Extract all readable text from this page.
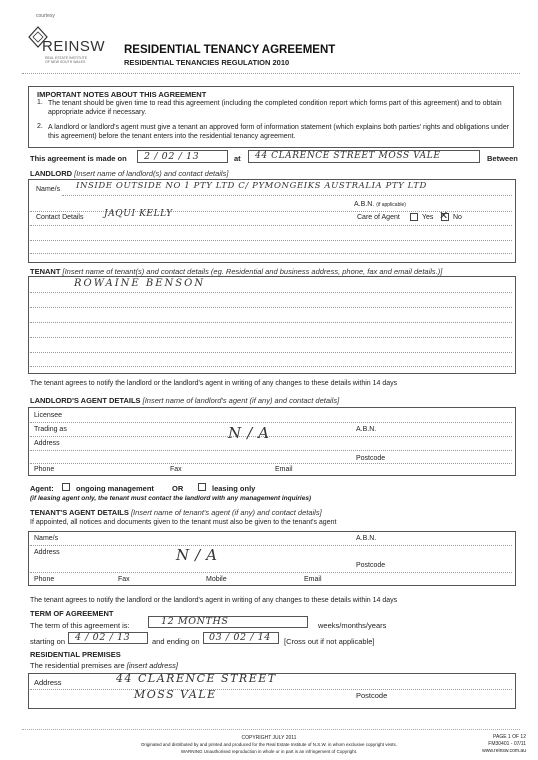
courtesy
REINSW
REAL ESTATE INSTITUTE
OF NEW SOUTH WALES
RESIDENTIAL TENANCY AGREEMENT
RESIDENTIAL TENANCIES REGULATION 2010
IMPORTANT NOTES ABOUT THIS AGREEMENT
1. The tenant should be given time to read this agreement (including the completed condition report which forms part of this agreement) and to obtain appropriate advice if necessary.
2. A landlord or landlord's agent must give a tenant an approved form of information statement (which explains both parties' rights and obligations under this agreement) before the tenant enters into the residential tenancy agreement.
This agreement is made on 2 / 02 / 13	at 44 CLARENCE STREET MOSS VALE	Between
LANDLORD [Insert name of landlord(s) and contact details]
Name/s INSIDE OUTSIDE NO 1 PTY LTD C/ PYMONGEIKS AUSTRALIA PTY LTD
A.B.N. (if applicable)
Contact Details JAQUI KELLY	Care of Agent	Yes ✕ No
TENANT [Insert name of tenant(s) and contact details (eg. Residential and business address, phone, fax and email details.)]
ROWAINE BENSON
The tenant agrees to notify the landlord or the landlord's agent in writing of any changes to these details within 14 days
LANDLORD'S AGENT DETAILS [Insert name of landlord's agent (if any) and contact details]
Licensee
Trading as	A.B.N.
Address
N / A
Postcode
Phone	Fax	Email
Agent:	ongoing management OR	leasing only
(if leasing agent only, the tenant must contact the landlord with any management inquiries)
TENANT'S AGENT DETAILS [Insert name of tenant's agent (if any) and contact details]
If appointed, all notices and documents given to the tenant must also be given to the tenant's agent
Name/s	A.B.N.
Address	N / A
Postcode
Phone	Fax	Mobile	Email
The tenant agrees to notify the landlord or the landlord's agent in writing of any changes to these details within 14 days
TERM OF AGREEMENT
The term of this agreement is:	12 MONTHS	weeks/months/years
starting on 4 / 02 / 13	and ending on 03 / 02 / 14 [Cross out if not applicable]
RESIDENTIAL PREMISES
The residential premises are [insert address]
Address	44 CLARENCE STREET
MOSS VALE	Postcode
COPYRIGHT JULY 2011
Originated and distributed by and printed and produced for the Real Estate Institute of N.S.W. in whom exclusive copyright vests.
WARNING Unauthorised reproduction in whole or in part is an infringement of Copyright.
PAGE 1 OF 12
FM30401 - 07/11
www.reinsw.com.au
